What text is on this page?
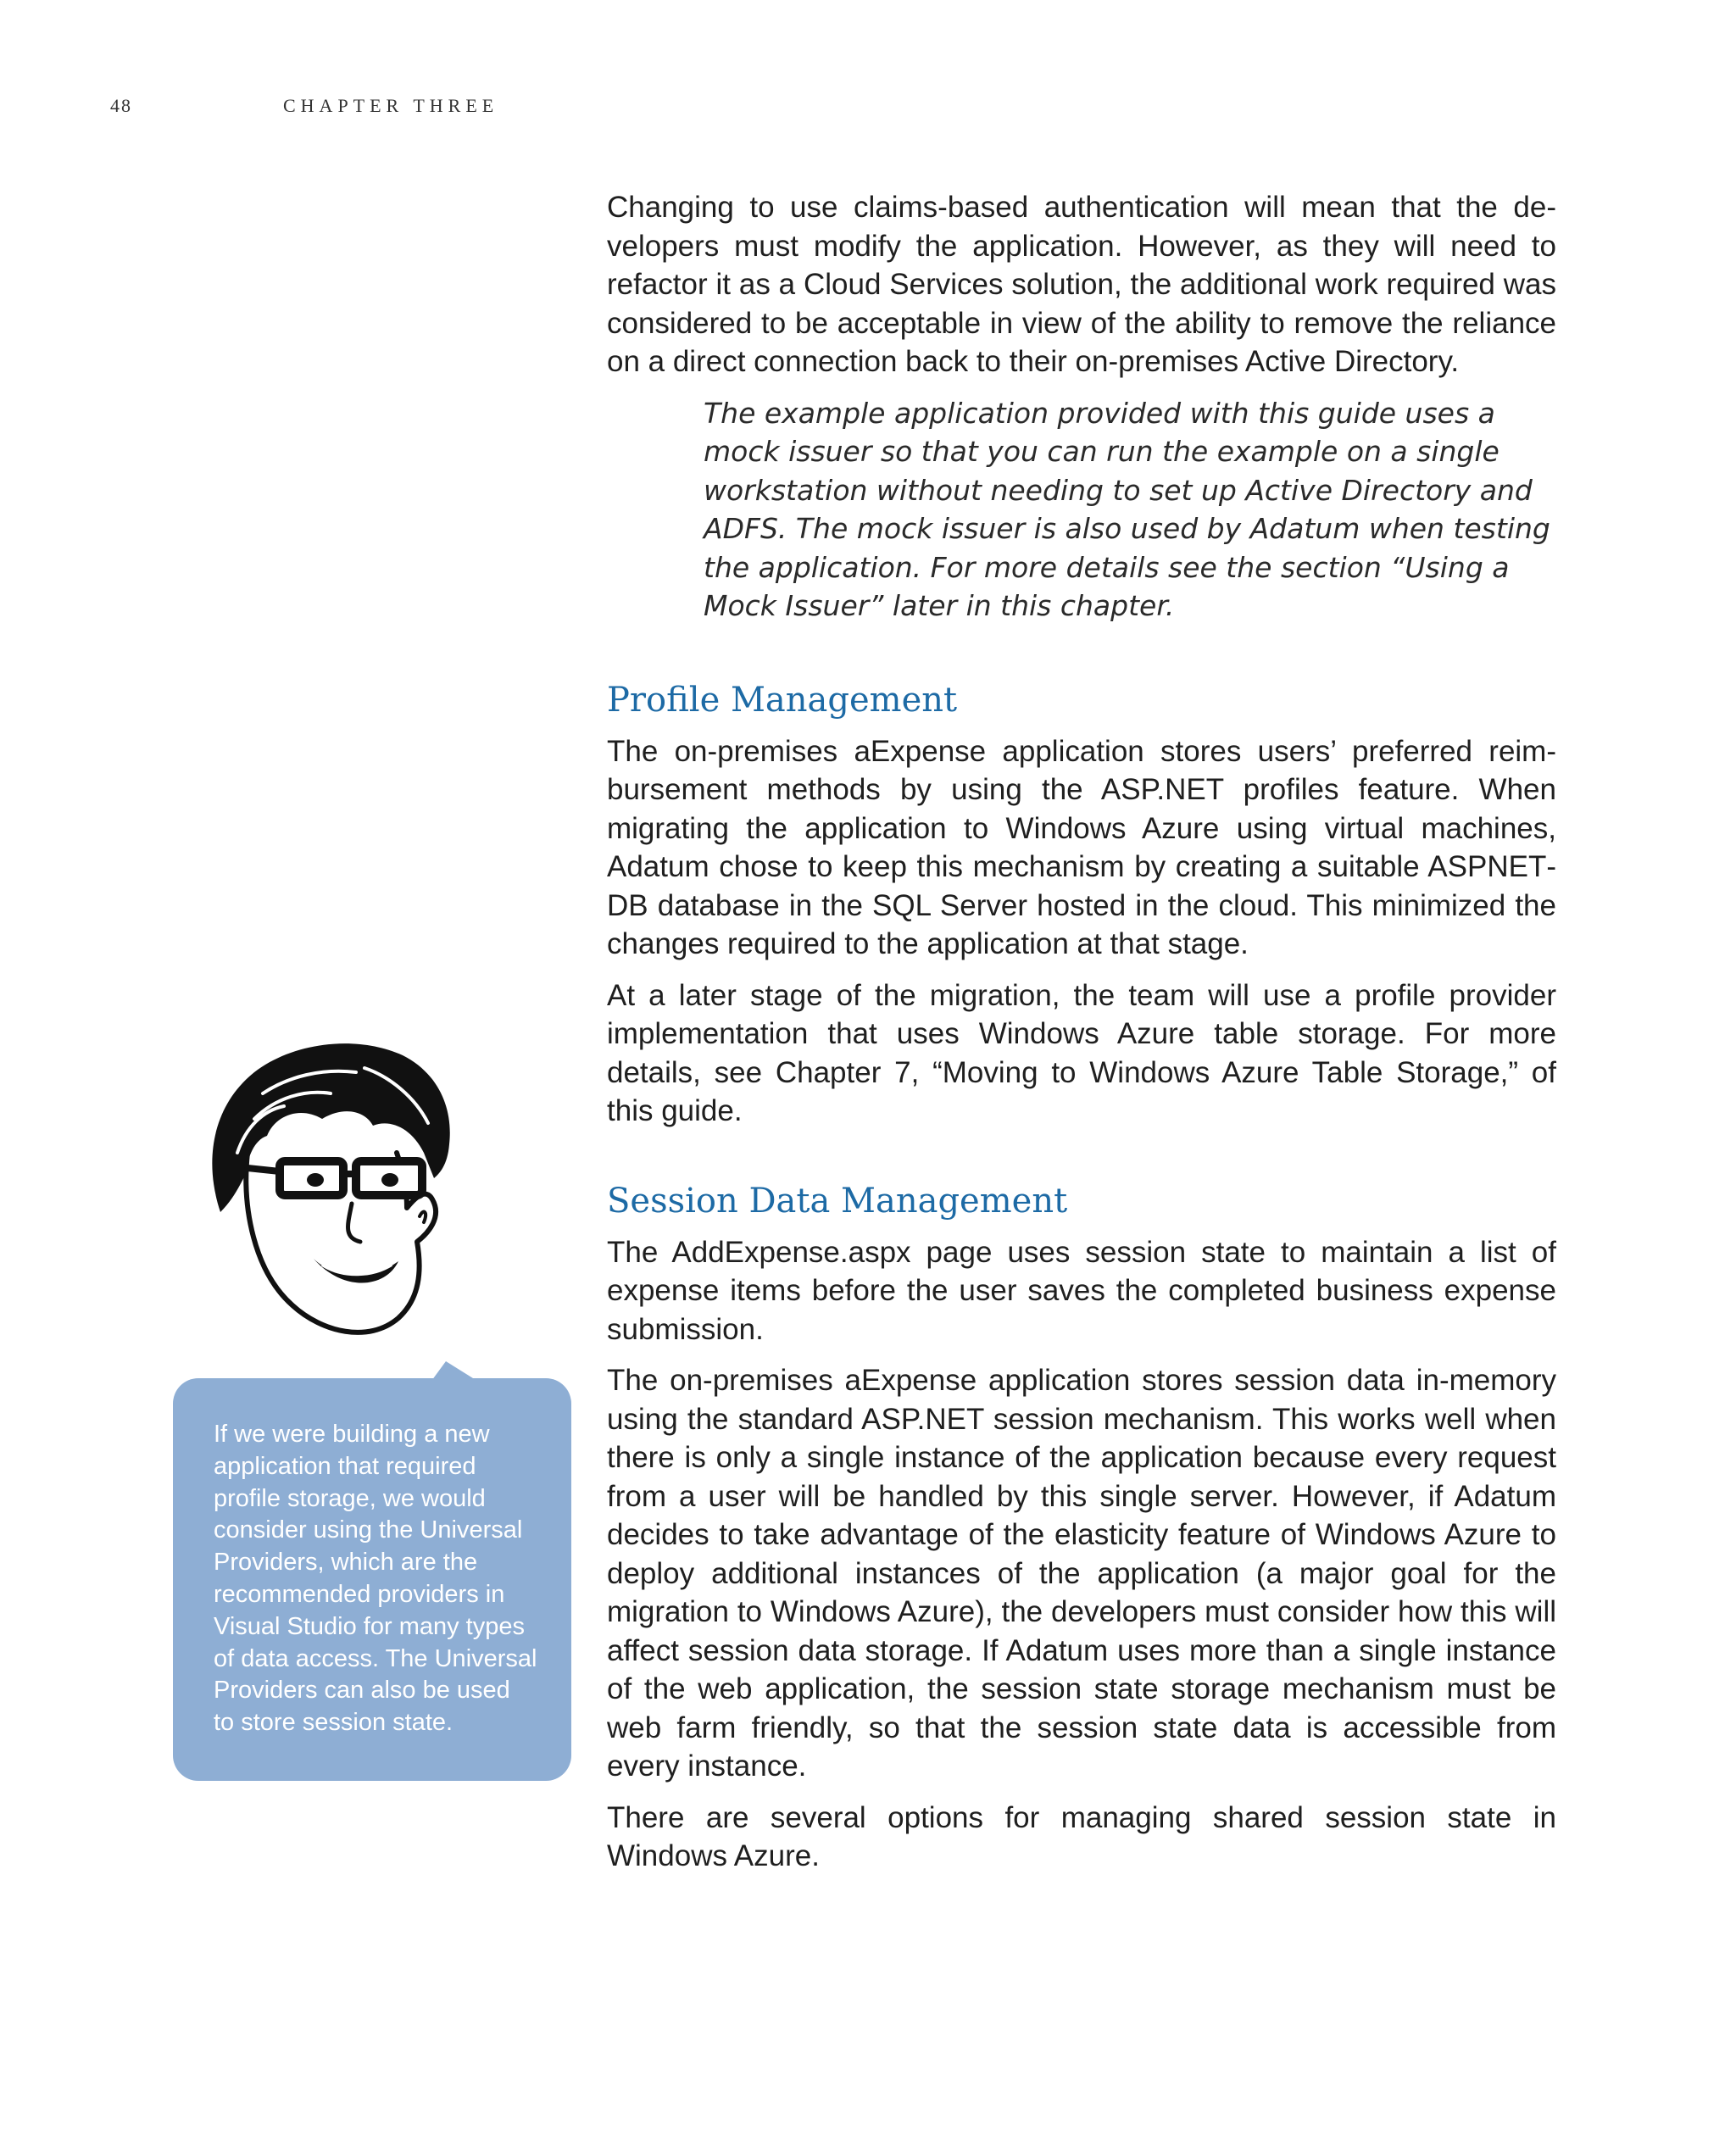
48	CHAPTER THREE

Changing to use claims-based authentication will mean that the developers must modify the application. However, as they will need to refactor it as a Cloud Services solution, the additional work required was considered to be acceptable in view of the ability to remove the reliance on a direct connection back to their on-premises Active Directory.

The example application provided with this guide uses a mock issuer so that you can run the example on a single workstation without needing to set up Active Directory and ADFS. The mock issuer is also used by Adatum when testing the application. For more details see the section “Using a Mock Issuer” later in this chapter.

Profile Management

The on-premises aExpense application stores users’ preferred reimbursement methods by using the ASP.NET profiles feature. When migrating the application to Windows Azure using virtual machines, Adatum chose to keep this mechanism by creating a suitable ASPNETDB database in the SQL Server hosted in the cloud. This minimized the changes required to the application at that stage.

At a later stage of the migration, the team will use a profile provider implementation that uses Windows Azure table storage. For more details, see Chapter 7, “Moving to Windows Azure Table Storage,” of this guide.

Session Data Management

The AddExpense.aspx page uses session state to maintain a list of expense items before the user saves the completed business expense submission.

The on-premises aExpense application stores session data in-memory using the standard ASP.NET session mechanism. This works well when there is only a single instance of the application because every request from a user will be handled by this single server. However, if Adatum decides to take advantage of the elasticity feature of Windows Azure to deploy additional instances of the application (a major goal for the migration to Windows Azure), the developers must consider how this will affect session data storage. If Adatum uses more than a single instance of the web application, the session state storage mechanism must be web farm friendly, so that the session state data is accessible from every instance.

There are several options for managing shared session state in Windows Azure.

If we were building a new application that required profile storage, we would consider using the Universal Providers, which are the recommended providers in Visual Studio for many types of data access. The Universal Providers can also be used to store session state.
